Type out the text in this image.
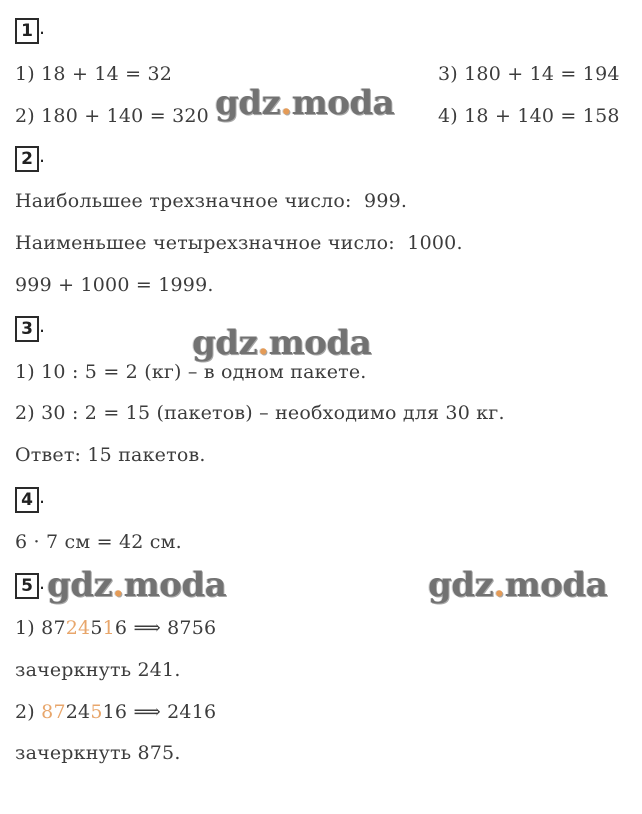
1 .
1) 18 + 14 = 32
2) 180 + 140 = 320
3) 180 + 14 = 194
4) 18 + 140 = 158
2 .
Наибольшее трехзначное число:  999.
Наименьшее четырехзначное число:  1000.
999 + 1000 = 1999.
3 .
1) 10 : 5 = 2 (кг) – в одном пакете.
2) 30 : 2 = 15 (пакетов) – необходимо для 30 кг.
Ответ: 15 пакетов.
4 .
6 · 7 см = 42 см.
5 .
1) 8724516 ⟹ 8756
зачеркнуть 241.
2) 8724516 ⟹ 2416
зачеркнуть 875.
gdz.moda
gdz.moda
gdz.moda	gdz.moda
